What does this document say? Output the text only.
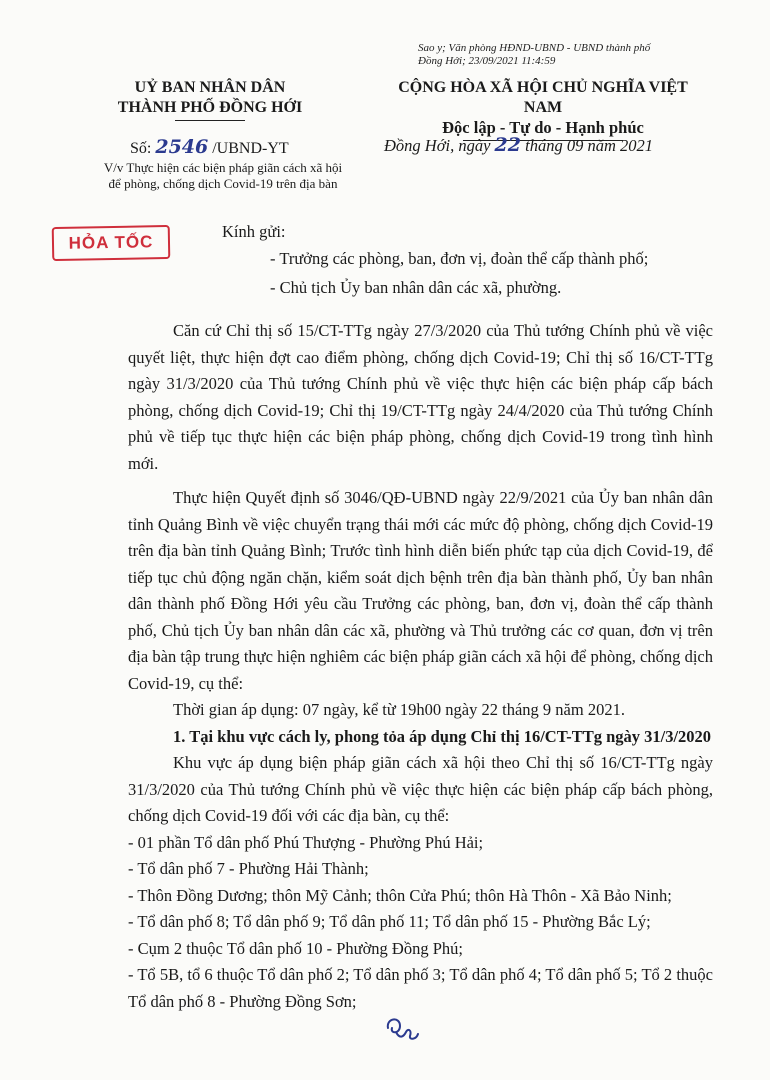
Sao y; Văn phòng HĐND-UBND - UBND thành phố
Đồng Hới; 23/09/2021 11:4:59
UỶ BAN NHÂN DÂN
THÀNH PHỐ ĐỒNG HỚI
CỘNG HÒA XÃ HỘI CHỦ NGHĨA VIỆT NAM
Độc lập - Tự do - Hạnh phúc
Số: 2546 /UBND-YT
V/v Thực hiện các biện pháp giãn cách xã hội
để phòng, chống dịch Covid-19 trên địa bàn
Đồng Hới, ngày 22 tháng 09 năm 2021
HỎA TỐC
Kính gửi:
- Trưởng các phòng, ban, đơn vị, đoàn thể cấp thành phố;
- Chủ tịch Ủy ban nhân dân các xã, phường.

Căn cứ Chỉ thị số 15/CT-TTg ngày 27/3/2020 của Thủ tướng Chính phủ về việc quyết liệt, thực hiện đợt cao điểm phòng, chống dịch Covid-19; Chỉ thị số 16/CT-TTg ngày 31/3/2020 của Thủ tướng Chính phủ về việc thực hiện các biện pháp cấp bách phòng, chống dịch Covid-19; Chỉ thị 19/CT-TTg ngày 24/4/2020 của Thủ tướng Chính phủ về tiếp tục thực hiện các biện pháp phòng, chống dịch Covid-19 trong tình hình mới.

Thực hiện Quyết định số 3046/QĐ-UBND ngày 22/9/2021 của Ủy ban nhân dân tỉnh Quảng Bình về việc chuyển trạng thái mới các mức độ phòng, chống dịch Covid-19 trên địa bàn tỉnh Quảng Bình; Trước tình hình diễn biến phức tạp của dịch Covid-19, để tiếp tục chủ động ngăn chặn, kiểm soát dịch bệnh trên địa bàn thành phố, Ủy ban nhân dân thành phố Đồng Hới yêu cầu Trưởng các phòng, ban, đơn vị, đoàn thể cấp thành phố, Chủ tịch Ủy ban nhân dân các xã, phường và Thủ trưởng các cơ quan, đơn vị trên địa bàn tập trung thực hiện nghiêm các biện pháp giãn cách xã hội để phòng, chống dịch Covid-19, cụ thể:

Thời gian áp dụng: 07 ngày, kể từ 19h00 ngày 22 tháng 9 năm 2021.

1. Tại khu vực cách ly, phong tỏa áp dụng Chỉ thị 16/CT-TTg ngày 31/3/2020

Khu vực áp dụng biện pháp giãn cách xã hội theo Chỉ thị số 16/CT-TTg ngày 31/3/2020 của Thủ tướng Chính phủ về việc thực hiện các biện pháp cấp bách phòng, chống dịch Covid-19 đối với các địa bàn, cụ thể:

- 01 phần Tổ dân phố Phú Thượng - Phường Phú Hải;

- Tổ dân phố 7 - Phường Hải Thành;

- Thôn Đồng Dương; thôn Mỹ Cảnh; thôn Cửa Phú; thôn Hà Thôn - Xã Bảo Ninh;

- Tổ dân phố 8; Tổ dân phố 9; Tổ dân phố 11; Tổ dân phố 15 - Phường Bắc Lý;

- Cụm 2 thuộc Tổ dân phố 10 - Phường Đồng Phú;

- Tổ 5B, tổ 6 thuộc Tổ dân phố 2; Tổ dân phố 3; Tổ dân phố 4; Tổ dân phố 5; Tổ 2 thuộc Tổ dân phố 8 - Phường Đồng Sơn;
